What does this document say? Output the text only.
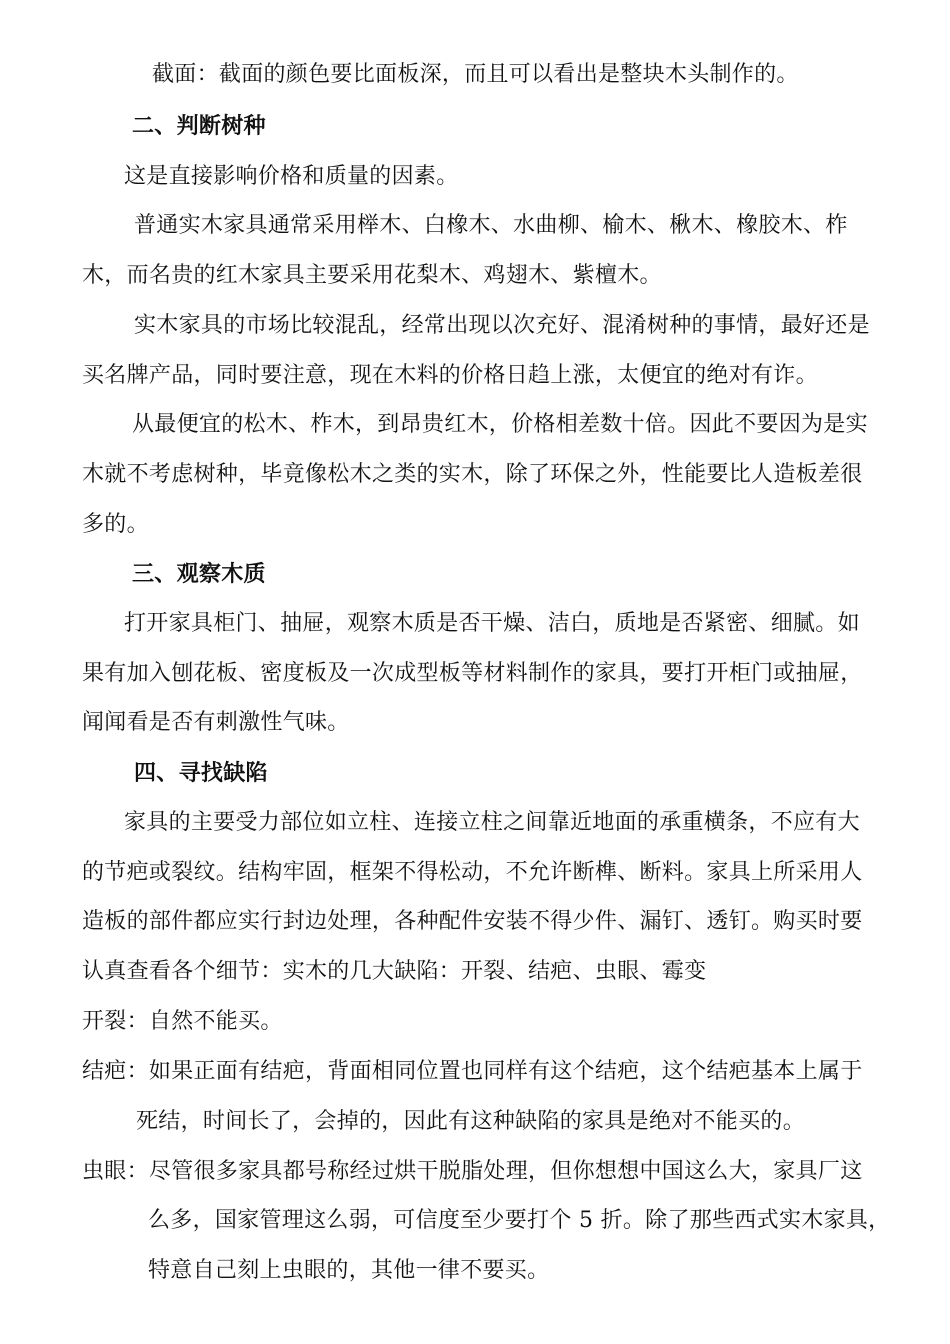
截面：截面的颜色要比面板深，而且可以看出是整块木头制作的。
二、判断树种
这是直接影响价格和质量的因素。
普通实木家具通常采用榉木、白橡木、水曲柳、榆木、楸木、橡胶木、柞
木，而名贵的红木家具主要采用花梨木、鸡翅木、紫檀木。
实木家具的市场比较混乱，经常出现以次充好、混淆树种的事情，最好还是
买名牌产品，同时要注意，现在木料的价格日趋上涨，太便宜的绝对有诈。
从最便宜的松木、柞木，到昂贵红木，价格相差数十倍。因此不要因为是实
木就不考虑树种，毕竟像松木之类的实木，除了环保之外，性能要比人造板差很
多的。
三、观察木质
打开家具柜门、抽屉，观察木质是否干燥、洁白，质地是否紧密、细腻。如
果有加入刨花板、密度板及一次成型板等材料制作的家具，要打开柜门或抽屉，
闻闻看是否有刺激性气味。
四、寻找缺陷
家具的主要受力部位如立柱、连接立柱之间靠近地面的承重横条，不应有大
的节疤或裂纹。结构牢固，框架不得松动，不允许断榫、断料。家具上所采用人
造板的部件都应实行封边处理，各种配件安装不得少件、漏钉、透钉。购买时要
认真查看各个细节：实木的几大缺陷：开裂、结疤、虫眼、霉变
开裂：自然不能买。
结疤：如果正面有结疤，背面相同位置也同样有这个结疤，这个结疤基本上属于
死结，时间长了，会掉的，因此有这种缺陷的家具是绝对不能买的。
虫眼：尽管很多家具都号称经过烘干脱脂处理，但你想想中国这么大，家具厂这
么多，国家管理这么弱，可信度至少要打个 5 折。除了那些西式实木家具，
特意自己刻上虫眼的，其他一律不要买。
